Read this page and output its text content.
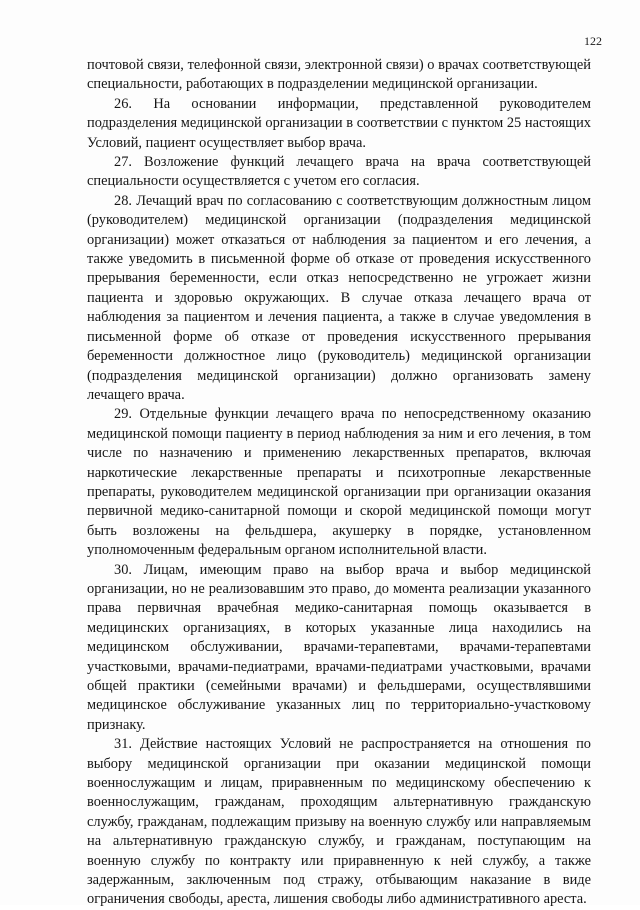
122

почтовой связи, телефонной связи, электронной связи) о врачах соответствующей специальности, работающих в подразделении медицинской организации.

26. На основании информации, представленной руководителем подразделения медицинской организации в соответствии с пунктом 25 настоящих Условий, пациент осуществляет выбор врача.

27. Возложение функций лечащего врача на врача соответствующей специальности осуществляется с учетом его согласия.

28. Лечащий врач по согласованию с соответствующим должностным лицом (руководителем) медицинской организации (подразделения медицинской организации) может отказаться от наблюдения за пациентом и его лечения, а также уведомить в письменной форме об отказе от проведения искусственного прерывания беременности, если отказ непосредственно не угрожает жизни пациента и здоровью окружающих. В случае отказа лечащего врача от наблюдения за пациентом и лечения пациента, а также в случае уведомления в письменной форме об отказе от проведения искусственного прерывания беременности должностное лицо (руководитель) медицинской организации (подразделения медицинской организации) должно организовать замену лечащего врача.

29. Отдельные функции лечащего врача по непосредственному оказанию медицинской помощи пациенту в период наблюдения за ним и его лечения, в том числе по назначению и применению лекарственных препаратов, включая наркотические лекарственные препараты и психотропные лекарственные препараты, руководителем медицинской организации при организации оказания первичной медико-санитарной помощи и скорой медицинской помощи могут быть возложены на фельдшера, акушерку в порядке, установленном уполномоченным федеральным органом исполнительной власти.

30. Лицам, имеющим право на выбор врача и выбор медицинской организации, но не реализовавшим это право, до момента реализации указанного права первичная врачебная медико-санитарная помощь оказывается в медицинских организациях, в которых указанные лица находились на медицинском обслуживании, врачами-терапевтами, врачами-терапевтами участковыми, врачами-педиатрами, врачами-педиатрами участковыми, врачами общей практики (семейными врачами) и фельдшерами, осуществлявшими медицинское обслуживание указанных лиц по территориально-участковому признаку.

31. Действие настоящих Условий не распространяется на отношения по выбору медицинской организации при оказании медицинской помощи военнослужащим и лицам, приравненным по медицинскому обеспечению к военнослужащим, гражданам, проходящим альтернативную гражданскую службу, гражданам, подлежащим призыву на военную службу или направляемым на альтернативную гражданскую службу, и гражданам, поступающим на военную службу по контракту или приравненную к ней службу, а также задержанным, заключенным под стражу, отбывающим наказание в виде ограничения свободы, ареста, лишения свободы либо административного ареста.
